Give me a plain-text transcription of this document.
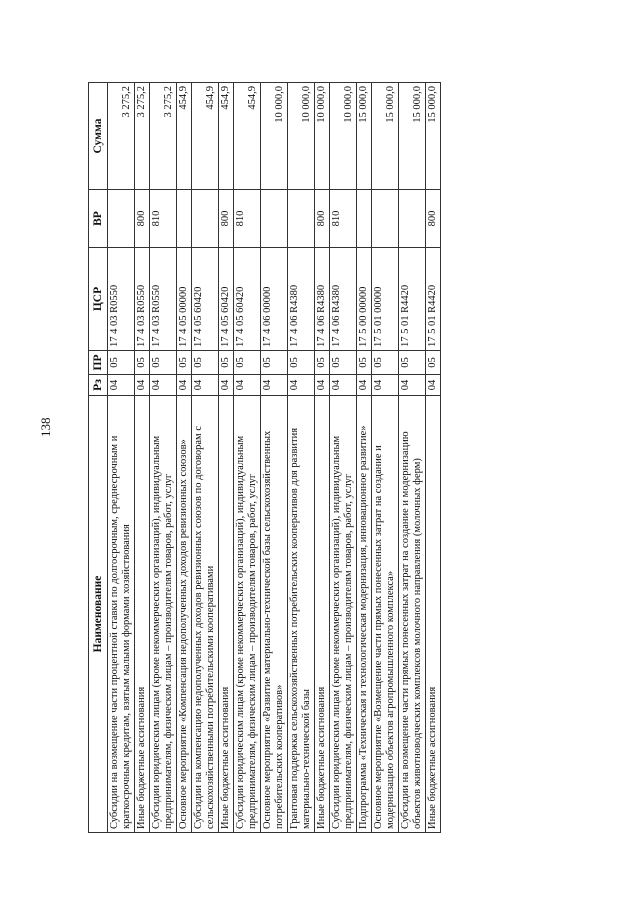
138
Наименование	Рз	ПР	ЦСР	ВР	Сумма
Субсидии на возмещение части процентной ставки по долгосрочным, среднесрочным и краткосрочным кредитам, взятым малыми формами хозяйствования	04	05	17 4 03 R0550		3 275,2
Иные бюджетные ассигнования	04	05	17 4 03 R0550	800	3 275,2
Субсидии юридическим лицам (кроме некоммерческих организаций), индивидуальным предпринимателям, физическим лицам – производителям товаров, работ, услуг	04	05	17 4 03 R0550	810	3 275,2
Основное мероприятие «Компенсация недополученных доходов ревизионных союзов»	04	05	17 4 05 00000		454,9
Субсидии на компенсацию недополученных доходов ревизионных союзов по договорам с сельскохозяйственными потребительскими кооперативами	04	05	17 4 05 60420		454,9
Иные бюджетные ассигнования	04	05	17 4 05 60420	800	454,9
Субсидии юридическим лицам (кроме некоммерческих организаций), индивидуальным предпринимателям, физическим лицам – производителям товаров, работ, услуг	04	05	17 4 05 60420	810	454,9
Основное мероприятие «Развитие материально-технической базы сельскохозяйственных потребительских кооперативов»	04	05	17 4 06 00000		10 000,0
Грантовая поддержка сельскохозяйственных потребительских кооперативов для развития материально-технической базы	04	05	17 4 06 R4380		10 000,0
Иные бюджетные ассигнования	04	05	17 4 06 R4380	800	10 000,0
Субсидии юридическим лицам (кроме некоммерческих организаций), индивидуальным предпринимателям, физическим лицам – производителям товаров, работ, услуг	04	05	17 4 06 R4380	810	10 000,0
Подпрограмма «Техническая и технологическая модернизация, инновационное развитие»	04	05	17 5 00 00000		15 000,0
Основное мероприятие «Возмещение части прямых понесенных затрат на создание и модернизацию объектов агропромышленного комплекса»	04	05	17 5 01 00000		15 000,0
Субсидии на возмещение части прямых понесенных затрат на создание и модернизацию объектов животноводческих комплексов молочного направления (молочных ферм)	04	05	17 5 01 R4420		15 000,0
Иные бюджетные ассигнования	04	05	17 5 01 R4420	800	15 000,0
